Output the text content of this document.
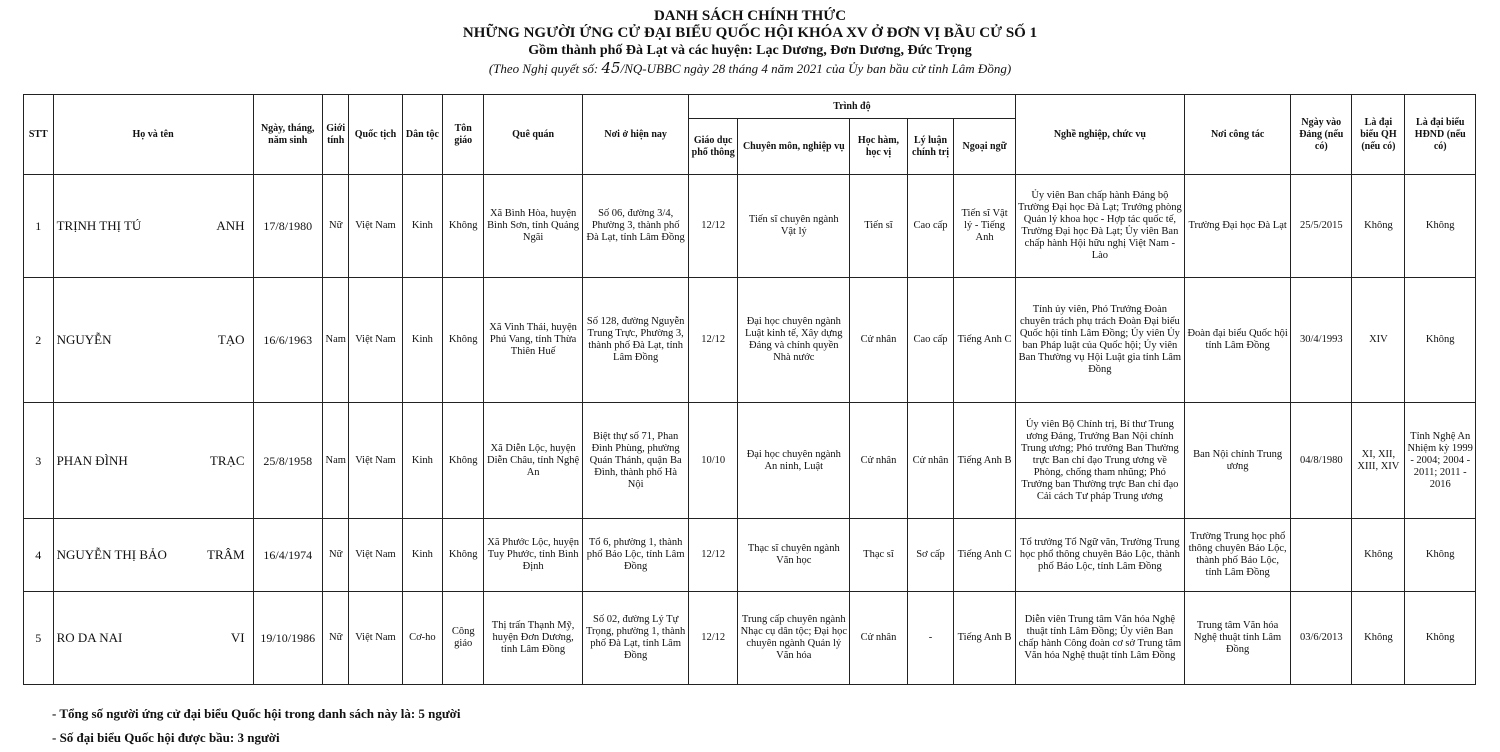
DANH SÁCH CHÍNH THỨC
NHỮNG NGƯỜI ỨNG CỬ ĐẠI BIỂU QUỐC HỘI KHÓA XV Ở ĐƠN VỊ BẦU CỬ SỐ 1
Gồm thành phố Đà Lạt và các huyện: Lạc Dương, Đơn Dương, Đức Trọng
(Theo Nghị quyết số: 45/NQ-UBBC ngày 28 tháng 4 năm 2021 của Ủy ban bầu cử tỉnh Lâm Đồng)
STT	Họ và tên	Ngày, tháng, năm sinh	Giới tính	Quốc tịch	Dân tộc	Tôn giáo	Quê quán	Nơi ở hiện nay	Trình độ					Nghề nghiệp, chức vụ	Nơi công tác	Ngày vào Đảng (nếu có)	Là đại biểu QH (nếu có)	Là đại biểu HĐND (nếu có)
									Giáo dục phổ thông	Chuyên môn, nghiệp vụ	Học hàm, học vị	Lý luận chính trị	Ngoại ngữ					
1	TRỊNH THỊ TÚ ANH	17/8/1980	Nữ	Việt Nam	Kinh	Không	Xã Bình Hòa, huyện Bình Sơn, tỉnh Quảng Ngãi	Số 06, đường 3/4, Phường 3, thành phố Đà Lạt, tỉnh Lâm Đồng	12/12	Tiến sĩ chuyên ngành Vật lý	Tiến sĩ	Cao cấp	Tiến sĩ Vật lý - Tiếng Anh	Ủy viên Ban chấp hành Đảng bộ Trường Đại học Đà Lạt; Trưởng phòng Quản lý khoa học - Hợp tác quốc tế, Trường Đại học Đà Lạt; Ủy viên Ban chấp hành Hội hữu nghị Việt Nam - Lào	Trường Đại học Đà Lạt	25/5/2015	Không	Không
2	NGUYỄN TẠO	16/6/1963	Nam	Việt Nam	Kinh	Không	Xã Vinh Thái, huyện Phú Vang, tỉnh Thừa Thiên Huế	Số 128, đường Nguyễn Trung Trực, Phường 3, thành phố Đà Lạt, tỉnh Lâm Đồng	12/12	Đại học chuyên ngành Luật kinh tế, Xây dựng Đảng và chính quyền Nhà nước	Cử nhân	Cao cấp	Tiếng Anh C	Tỉnh ủy viên, Phó Trưởng Đoàn chuyên trách phụ trách Đoàn Đại biểu Quốc hội tỉnh Lâm Đồng; Ủy viên Ủy ban Pháp luật của Quốc hội; Ủy viên Ban Thường vụ Hội Luật gia tỉnh Lâm Đồng	Đoàn đại biểu Quốc hội tỉnh Lâm Đồng	30/4/1993	XIV	Không
3	PHAN ĐÌNH TRẠC	25/8/1958	Nam	Việt Nam	Kinh	Không	Xã Diễn Lộc, huyện Diễn Châu, tỉnh Nghệ An	Biệt thự số 71, Phan Đình Phùng, phường Quán Thánh, quận Ba Đình, thành phố Hà Nội	10/10	Đại học chuyên ngành An ninh, Luật	Cử nhân	Cử nhân	Tiếng Anh B	Ủy viên Bộ Chính trị, Bí thư Trung ương Đảng, Trưởng Ban Nội chính Trung ương; Phó trưởng Ban Thường trực Ban chỉ đạo Trung ương về Phòng, chống tham nhũng; Phó Trưởng ban Thường trực Ban chỉ đạo Cải cách Tư pháp Trung ương	Ban Nội chính Trung ương	04/8/1980	XI, XII, XIII, XIV	Tỉnh Nghệ An Nhiệm kỳ 1999 - 2004; 2004 - 2011; 2011 - 2016
4	NGUYỄN THỊ BẢO TRÂM	16/4/1974	Nữ	Việt Nam	Kinh	Không	Xã Phước Lộc, huyện Tuy Phước, tỉnh Bình Định	Tổ 6, phường 1, thành phố Bảo Lộc, tỉnh Lâm Đồng	12/12	Thạc sĩ chuyên ngành Văn học	Thạc sĩ	Sơ cấp	Tiếng Anh C	Tổ trưởng Tổ Ngữ văn, Trường Trung học phổ thông chuyên Bảo Lộc, thành phố Bảo Lộc, tỉnh Lâm Đồng	Trường Trung học phổ thông chuyên Bảo Lộc, thành phố Bảo Lộc, tỉnh Lâm Đồng		Không	Không
5	RO DA NAI VI	19/10/1986	Nữ	Việt Nam	Cơ-ho	Công giáo	Thị trấn Thạnh Mỹ, huyện Đơn Dương, tỉnh Lâm Đồng	Số 02, đường Lý Tự Trọng, phường 1, thành phố Đà Lạt, tỉnh Lâm Đồng	12/12	Trung cấp chuyên ngành Nhạc cụ dân tộc; Đại học chuyên ngành Quản lý Văn hóa	Cử nhân	-	Tiếng Anh B	Diễn viên Trung tâm Văn hóa Nghệ thuật tỉnh Lâm Đồng; Ủy viên Ban chấp hành Công đoàn cơ sở Trung tâm Văn hóa Nghệ thuật tỉnh Lâm Đồng	Trung tâm Văn hóa Nghệ thuật tỉnh Lâm Đồng	03/6/2013	Không	Không
- Tổng số người ứng cử đại biểu Quốc hội trong danh sách này là: 5 người
- Số đại biểu Quốc hội được bầu: 3 người
